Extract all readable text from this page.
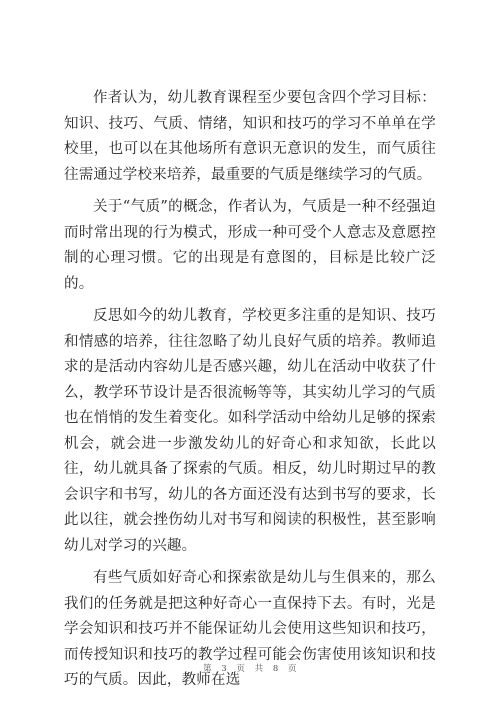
作者认为，幼儿教育课程至少要包含四个学习目标：知识、技巧、气质、情绪，知识和技巧的学习不单单在学校里，也可以在其他场所有意识无意识的发生，而气质往往需通过学校来培养，最重要的气质是继续学习的气质。

关于“气质”的概念，作者认为，气质是一种不经强迫而时常出现的行为模式，形成一种可受个人意志及意愿控制的心理习惯。它的出现是有意图的，目标是比较广泛的。

反思如今的幼儿教育，学校更多注重的是知识、技巧和情感的培养，往往忽略了幼儿良好气质的培养。教师追求的是活动内容幼儿是否感兴趣，幼儿在活动中收获了什么，教学环节设计是否很流畅等等，其实幼儿学习的气质也在悄悄的发生着变化。如科学活动中给幼儿足够的探索机会，就会进一步激发幼儿的好奇心和求知欲，长此以往，幼儿就具备了探索的气质。相反，幼儿时期过早的教会识字和书写，幼儿的各方面还没有达到书写的要求，长此以往，就会挫伤幼儿对书写和阅读的积极性，甚至影响幼儿对学习的兴趣。

有些气质如好奇心和探索欲是幼儿与生俱来的，那么我们的任务就是把这种好奇心一直保持下去。有时，光是学会知识和技巧并不能保证幼儿会使用这些知识和技巧，而传授知识和技巧的教学过程可能会伤害使用该知识和技巧的气质。因此，教师在选

第 3 页 共 8 页
